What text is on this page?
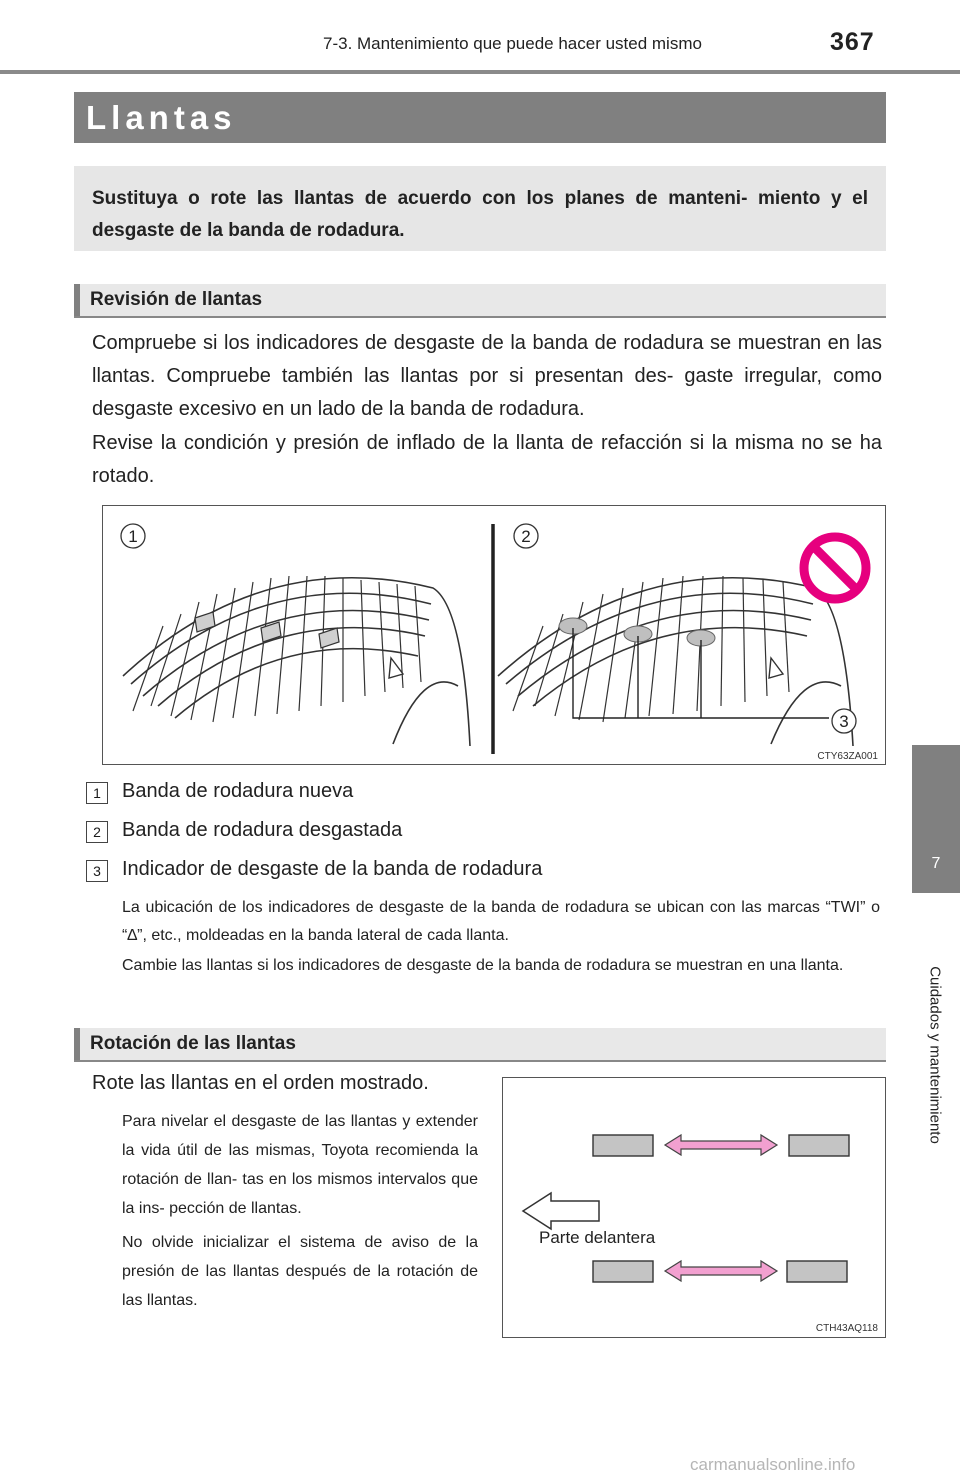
7-3. Mantenimiento que puede hacer usted mismo	367
Llantas

Sustituya o rote las llantas de acuerdo con los planes de manteni- miento y el desgaste de la banda de rodadura.

Revisión de llantas

Compruebe si los indicadores de desgaste de la banda de rodadura se muestran en las llantas. Compruebe también las llantas por si presentan des- gaste irregular, como desgaste excesivo en un lado de la banda de rodadura.

Revise la condición y presión de inflado de la llanta de refacción si la misma no se ha rotado.

1	2
3
CTY63ZA001
1	Banda de rodadura nueva
2	Banda de rodadura desgastada
3	Indicador de desgaste de la banda de rodadura

La ubicación de los indicadores de desgaste de la banda de rodadura se ubican con las marcas “TWI” o “∆”, etc., moldeadas en la banda lateral de cada llanta.

Cambie las llantas si los indicadores de desgaste de la banda de rodadura se muestran en una llanta.

Rotación de las llantas
Rote las llantas en el orden mostrado.

Para nivelar el desgaste de las llantas y extender la vida útil de las mismas, Toyota recomienda la rotación de llan- tas en los mismos intervalos que la ins- pección de llantas.

No olvide inicializar el sistema de aviso de la presión de las llantas después de la rotación de las llantas.

Parte delantera
CTH43AQ118
7
Cuidados y mantenimiento
carmanualsonline.info
